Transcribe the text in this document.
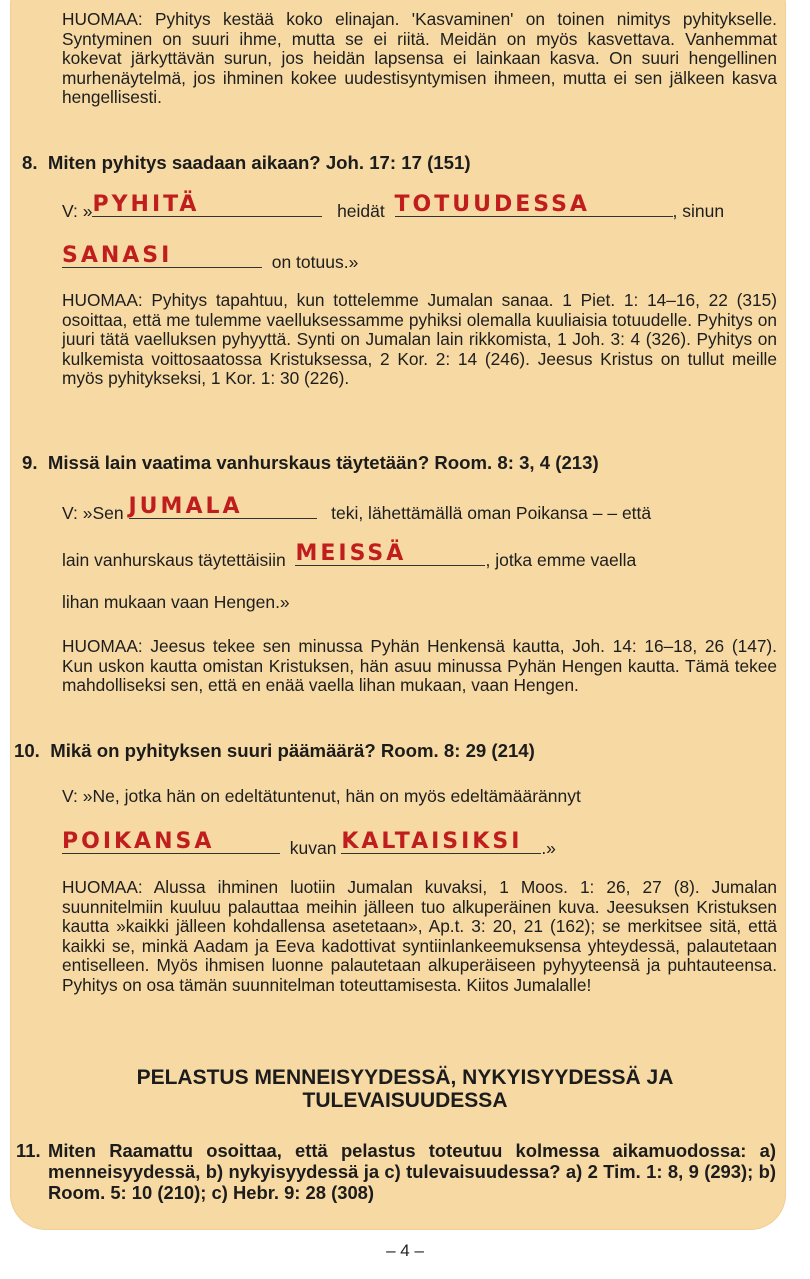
HUOMAA: Pyhitys kestää koko elinajan. 'Kasvaminen' on toinen nimitys pyhitykselle. Syntyminen on suuri ihme, mutta se ei riitä. Meidän on myös kasvettava. Vanhemmat kokevat järkyttävän surun, jos heidän lapsensa ei lainkaan kasva. On suuri hengellinen murhenäytelmä, jos ihminen kokee uudestisyntymisen ihmeen, mutta ei sen jälkeen kasva hengellisesti.

8. Miten pyhitys saadaan aikaan? Joh. 17: 17 (151)

V: » PYHITÄ	heidät TOTUUDESSA	, sinun

SANASI	on totuus.»

HUOMAA: Pyhitys tapahtuu, kun tottelemme Jumalan sanaa. 1 Piet. 1: 14–16, 22 (315) osoittaa, että me tulemme vaelluksessamme pyhiksi olemalla kuuliaisia totuudelle. Pyhitys on juuri tätä vaelluksen pyhyyttä. Synti on Jumalan lain rikkomista, 1 Joh. 3: 4 (326). Pyhitys on kulkemista voittosaatossa Kristuksessa, 2 Kor. 2: 14 (246). Jeesus Kristus on tullut meille myös pyhitykseksi, 1 Kor. 1: 30 (226).

9. Missä lain vaatima vanhurskaus täytetään? Room. 8: 3, 4 (213)

V: »Sen JUMALA	teki, lähettämällä oman Poikansa – – että

lain vanhurskaus täytettäisiin MEISSÄ	, jotka emme vaella

lihan mukaan vaan Hengen.»

HUOMAA: Jeesus tekee sen minussa Pyhän Henkensä kautta, Joh. 14: 16–18, 26 (147). Kun uskon kautta omistan Kristuksen, hän asuu minussa Pyhän Hengen kautta. Tämä tekee mahdolliseksi sen, että en enää vaella lihan mukaan, vaan Hengen.

10. Mikä on pyhityksen suuri päämäärä? Room. 8: 29 (214)

V: »Ne, jotka hän on edeltätuntenut, hän on myös edeltämäärännyt

POIKANSA	kuvan KALTAISIKSI .»

HUOMAA: Alussa ihminen luotiin Jumalan kuvaksi, 1 Moos. 1: 26, 27 (8). Jumalan suunnitelmiin kuuluu palauttaa meihin jälleen tuo alkuperäinen kuva. Jeesuksen Kristuksen kautta »kaikki jälleen kohdallensa asetetaan», Ap.t. 3: 20, 21 (162); se merkitsee sitä, että kaikki se, minkä Aadam ja Eeva kadottivat syntiinlankeemuksensa yhteydessä, palautetaan entiselleen. Myös ihmisen luonne palautetaan alkuperäiseen pyhyyteensä ja puhtauteensa. Pyhitys on osa tämän suunnitelman toteuttamisesta. Kiitos Jumalalle!

PELASTUS MENNEISYYDESSÄ, NYKYISYYDESSÄ JA
TULEVAISUUDESSA
11. Miten Raamattu osoittaa, että pelastus toteutuu kolmessa aikamuodossa: a) menneisyydessä, b) nykyisyydessä ja c) tulevaisuudessa? a) 2 Tim. 1: 8, 9 (293); b) Room. 5: 10 (210); c) Hebr. 9: 28 (308)
– 4 –
